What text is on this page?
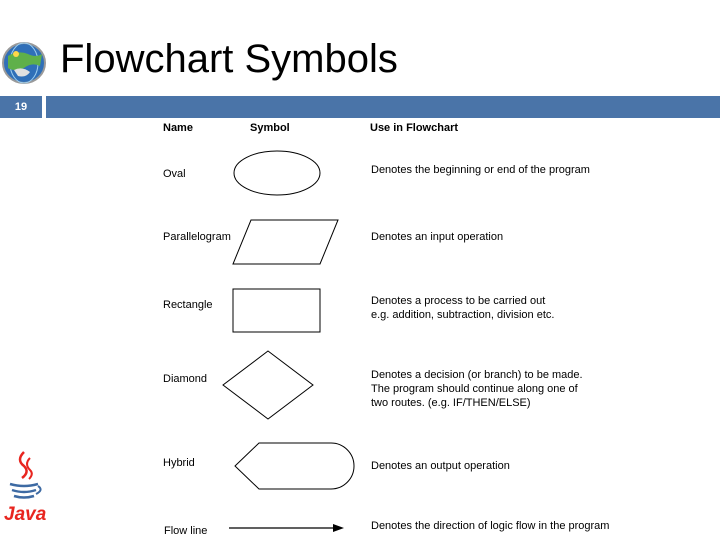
Flowchart Symbols
19
Name	Symbol	Use in Flowchart
Oval	Denotes the beginning or end of the program
Parallelogram	Denotes an input operation
Rectangle	Denotes a process to be carried out
e.g. addition, subtraction, division etc.
Diamond	Denotes a decision (or branch) to be made.
The program should continue along one of
two routes. (e.g. IF/THEN/ELSE)
Hybrid	Denotes an output operation
Flow line	Denotes the direction of logic flow in the program
Java
